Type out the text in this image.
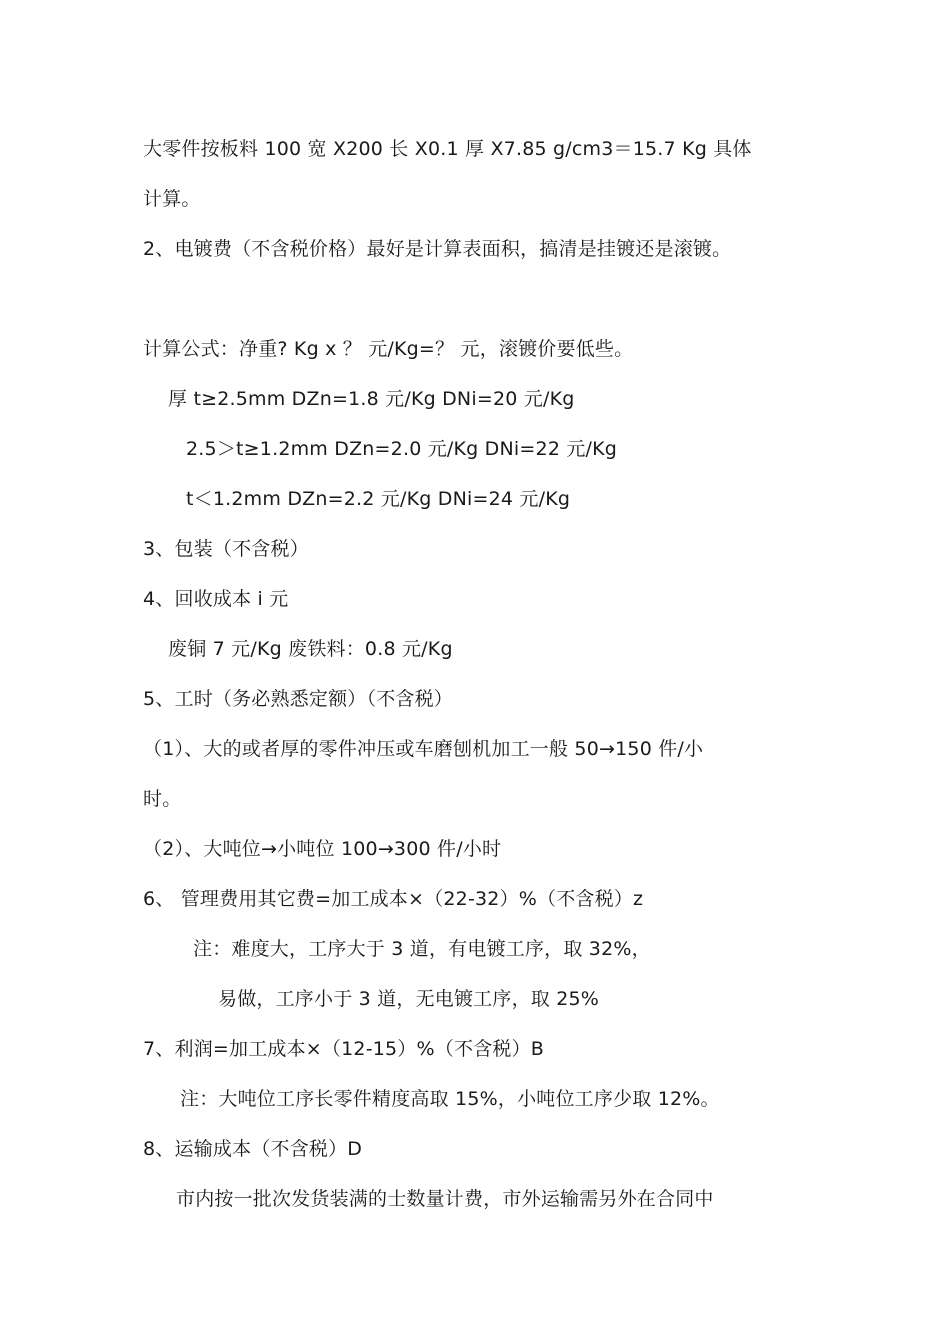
大零件按板料 100 宽 X200 长 X0.1 厚 X7.85 g/cm3＝15.7 Kg 具体
计算。
2、电镀费（不含税价格）最好是计算表面积，搞清是挂镀还是滚镀。
计算公式：净重? Kg x ？ 元/Kg=？ 元，滚镀价要低些。
厚 t≥2.5mm DZn=1.8 元/Kg DNi=20 元/Kg
2.5＞t≥1.2mm DZn=2.0 元/Kg DNi=22 元/Kg
t＜1.2mm DZn=2.2 元/Kg DNi=24 元/Kg
3、包装（不含税）
4、回收成本 i 元
废铜 7 元/Kg 废铁料：0.8 元/Kg
5、工时（务必熟悉定额）（不含税）
（1）、大的或者厚的零件冲压或车磨刨机加工一般 50→150 件/小
时。
（2）、大吨位→小吨位 100→300 件/小时
6、 管理费用其它费=加工成本×（22-32）%（不含税）z
注：难度大，工序大于 3 道，有电镀工序，取 32%，
易做，工序小于 3 道，无电镀工序，取 25%
7、利润=加工成本×（12-15）%（不含税）B
注：大吨位工序长零件精度高取 15%，小吨位工序少取 12%。
8、运输成本（不含税）D
市内按一批次发货装满的士数量计费，市外运输需另外在合同中
